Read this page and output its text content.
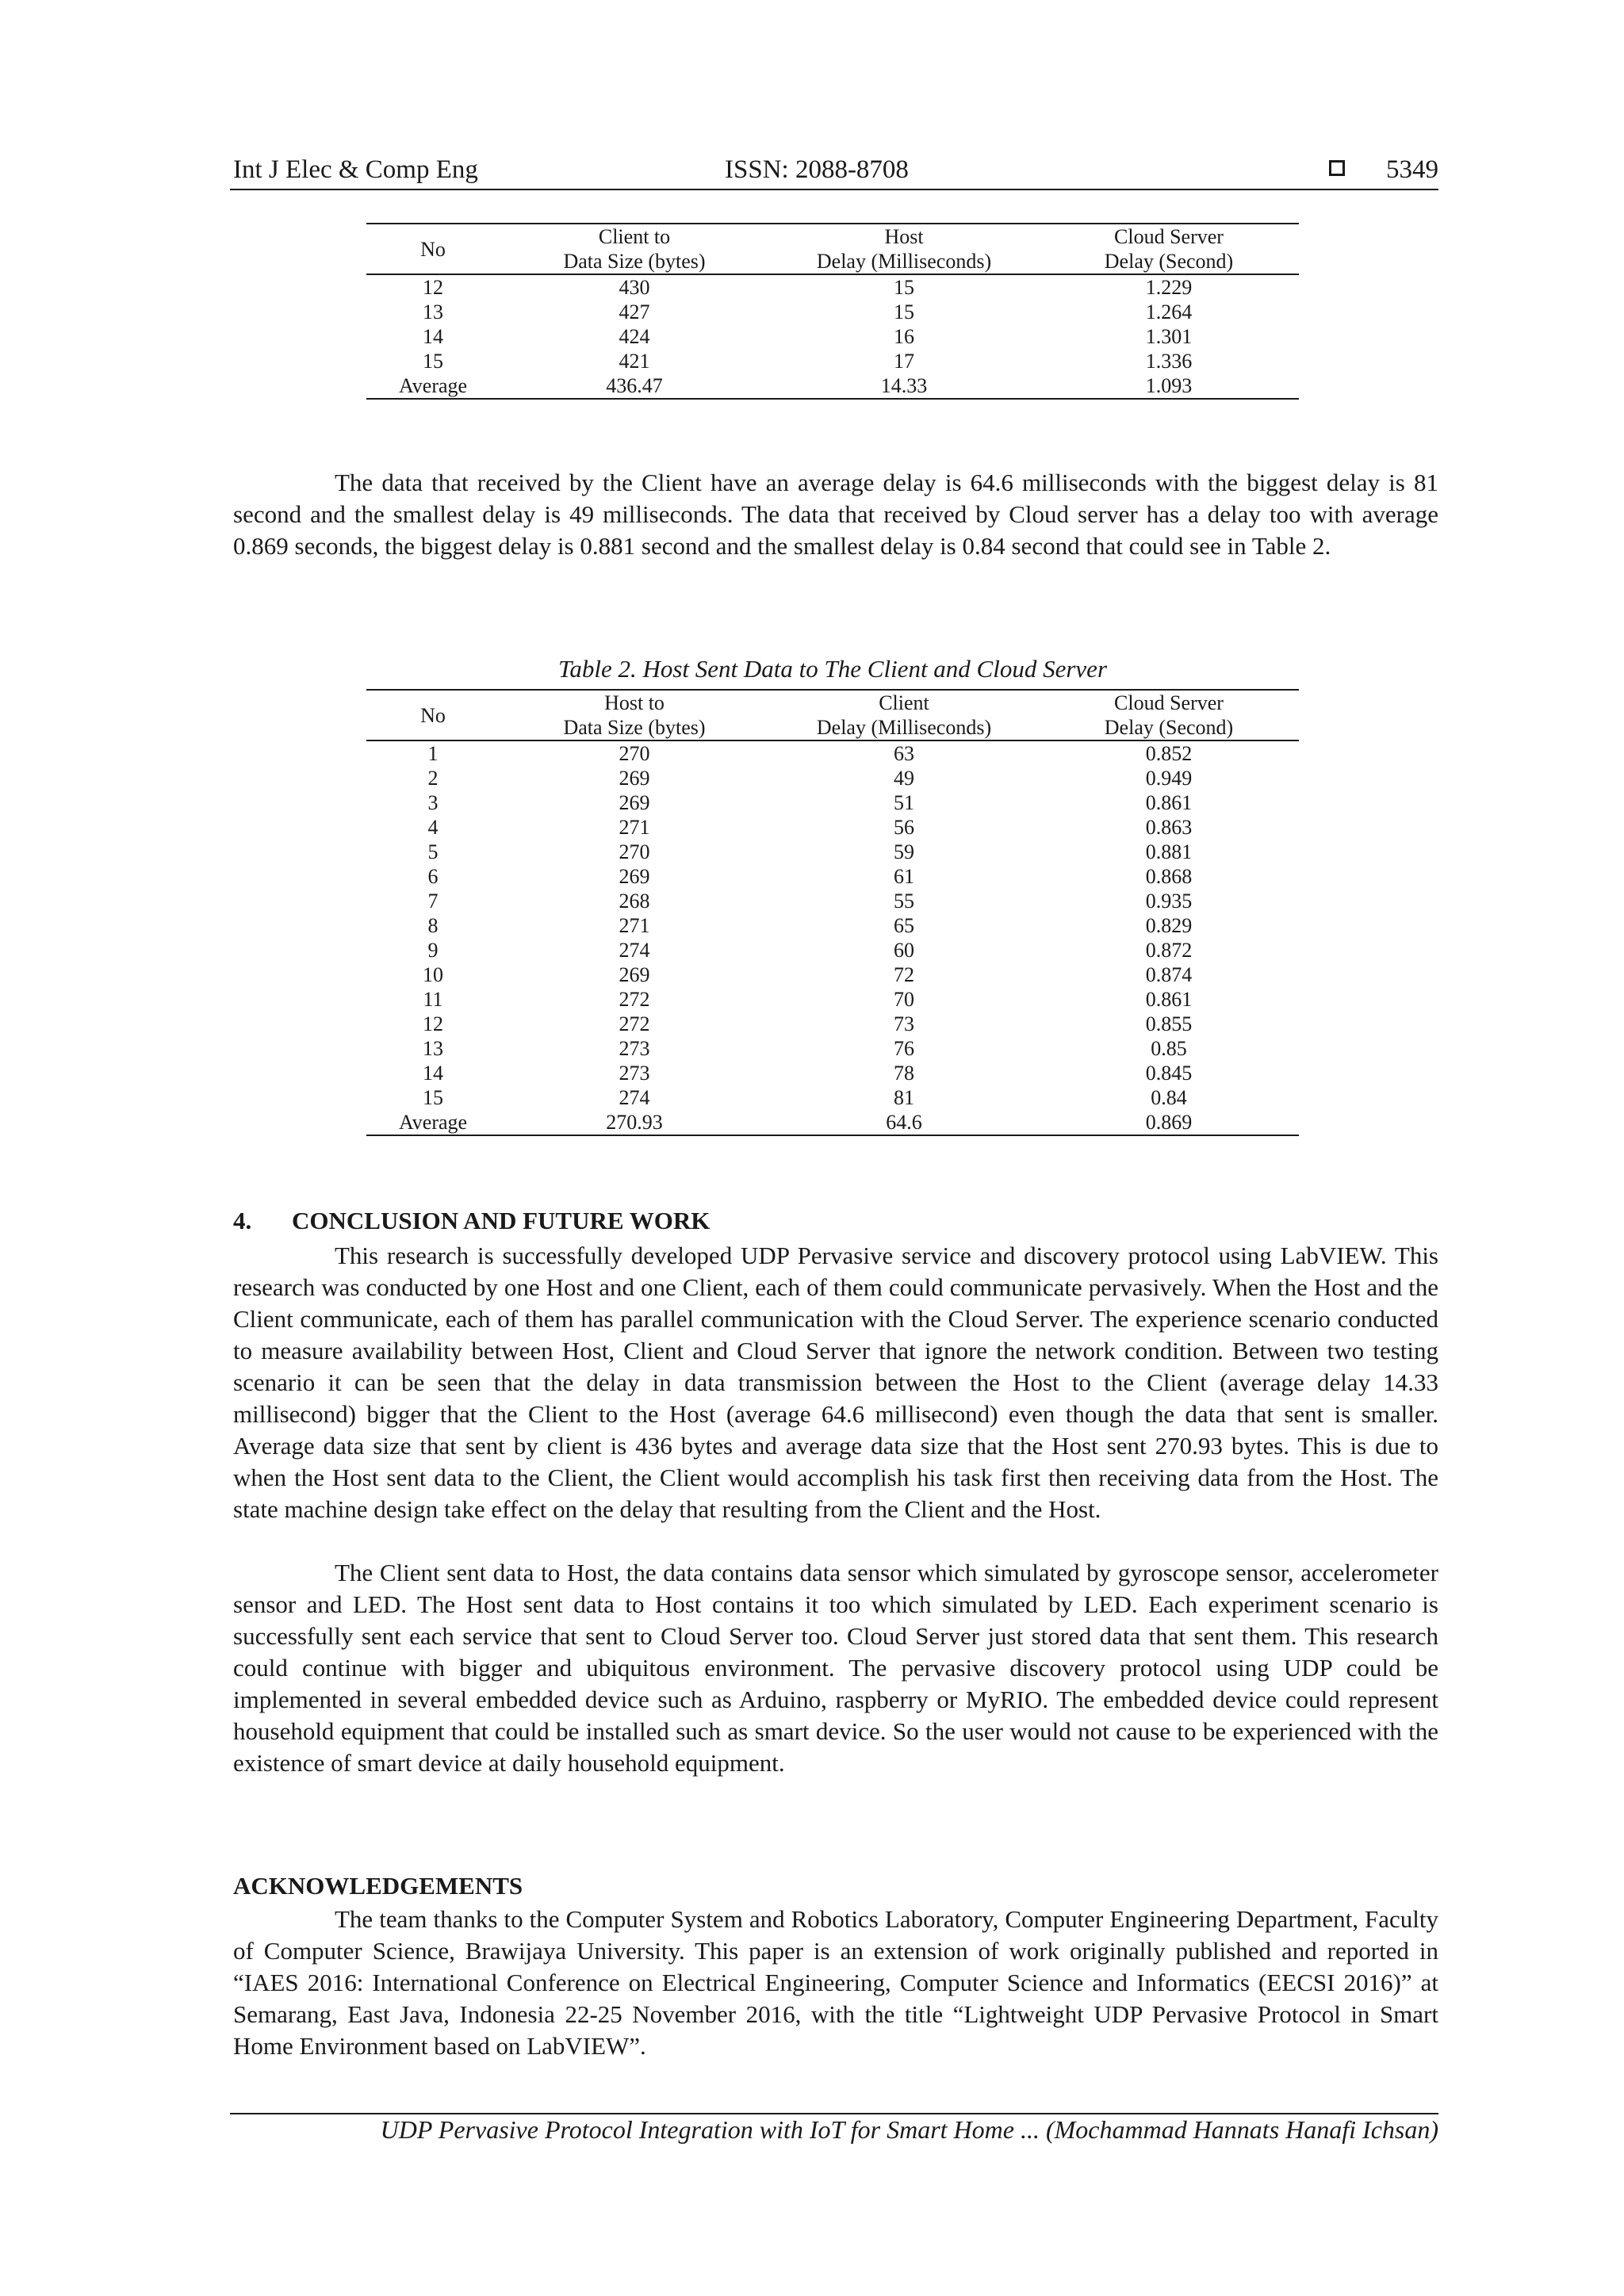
Int J Elec & Comp Eng	ISSN: 2088-8708	5349
No	Client to	Host	Cloud Server
	Data Size (bytes)	Delay (Milliseconds)	Delay (Second)
12	430	15	1.229
13	427	15	1.264
14	424	16	1.301
15	421	17	1.336
Average	436.47	14.33	1.093
The data that received by the Client have an average delay is 64.6 milliseconds with the biggest delay is 81 second and the smallest delay is 49 milliseconds. The data that received by Cloud server has a delay too with average 0.869 seconds, the biggest delay is 0.881 second and the smallest delay is 0.84 second that could see in Table 2.
Table 2. Host Sent Data to The Client and Cloud Server
No	Host to	Client	Cloud Server
	Data Size (bytes)	Delay (Milliseconds)	Delay (Second)
1	270	63	0.852
2	269	49	0.949
3	269	51	0.861
4	271	56	0.863
5	270	59	0.881
6	269	61	0.868
7	268	55	0.935
8	271	65	0.829
9	274	60	0.872
10	269	72	0.874
11	272	70	0.861
12	272	73	0.855
13	273	76	0.85
14	273	78	0.845
15	274	81	0.84
Average	270.93	64.6	0.869
4. CONCLUSION AND FUTURE WORK
This research is successfully developed UDP Pervasive service and discovery protocol using LabVIEW. This research was conducted by one Host and one Client, each of them could communicate pervasively. When the Host and the Client communicate, each of them has parallel communication with the Cloud Server. The experience scenario conducted to measure availability between Host, Client and Cloud Server that ignore the network condition. Between two testing scenario it can be seen that the delay in data transmission between the Host to the Client (average delay 14.33 millisecond) bigger that the Client to the Host (average 64.6 millisecond) even though the data that sent is smaller. Average data size that sent by client is 436 bytes and average data size that the Host sent 270.93 bytes. This is due to when the Host sent data to the Client, the Client would accomplish his task first then receiving data from the Host. The state machine design take effect on the delay that resulting from the Client and the Host.
The Client sent data to Host, the data contains data sensor which simulated by gyroscope sensor, accelerometer sensor and LED. The Host sent data to Host contains it too which simulated by LED. Each experiment scenario is successfully sent each service that sent to Cloud Server too. Cloud Server just stored data that sent them. This research could continue with bigger and ubiquitous environment. The pervasive discovery protocol using UDP could be implemented in several embedded device such as Arduino, raspberry or MyRIO. The embedded device could represent household equipment that could be installed such as smart device. So the user would not cause to be experienced with the existence of smart device at daily household equipment.
ACKNOWLEDGEMENTS
The team thanks to the Computer System and Robotics Laboratory, Computer Engineering Department, Faculty of Computer Science, Brawijaya University. This paper is an extension of work originally published and reported in “IAES 2016: International Conference on Electrical Engineering, Computer Science and Informatics (EECSI 2016)” at Semarang, East Java, Indonesia 22-25 November 2016, with the title “Lightweight UDP Pervasive Protocol in Smart Home Environment based on LabVIEW”.
UDP Pervasive Protocol Integration with IoT for Smart Home ... (Mochammad Hannats Hanafi Ichsan)
